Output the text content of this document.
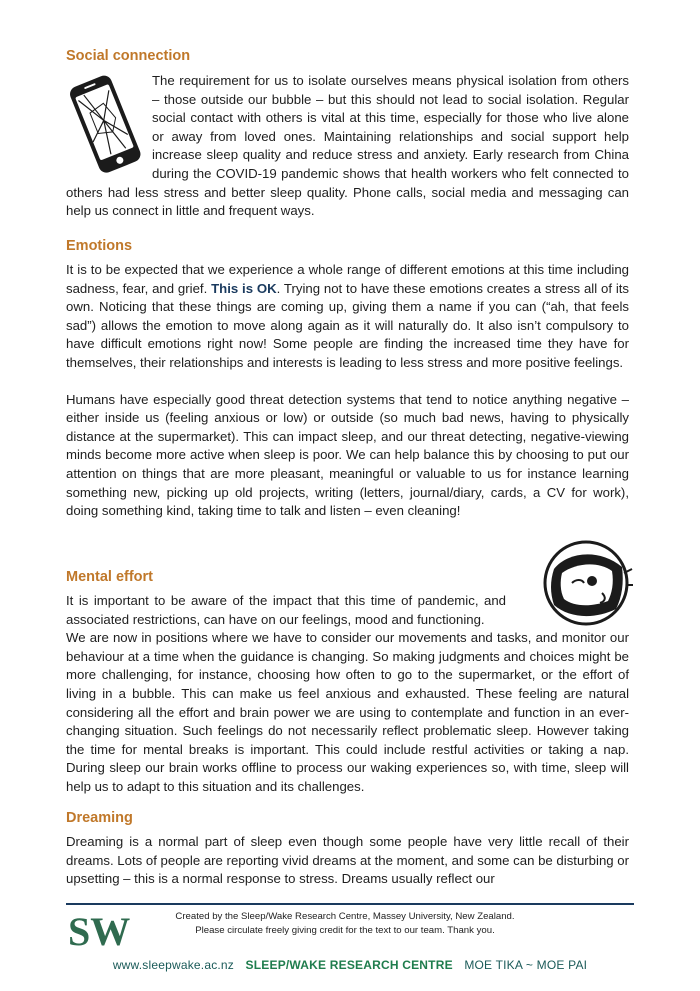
Social connection

The requirement for us to isolate ourselves means physical isolation from others – those outside our bubble – but this should not lead to social isolation. Regular social contact with others is vital at this time, especially for those who live alone or away from loved ones. Maintaining relationships and social support help increase sleep quality and reduce stress and anxiety. Early research from China during the COVID-19 pandemic shows that health workers who felt connected to others had less stress and better sleep quality. Phone calls, social media and messaging can help us connect in little and frequent ways.

Emotions

It is to be expected that we experience a whole range of different emotions at this time including sadness, fear, and grief. This is OK. Trying not to have these emotions creates a stress all of its own. Noticing that these things are coming up, giving them a name if you can (“ah, that feels sad”) allows the emotion to move along again as it will naturally do. It also isn’t compulsory to have difficult emotions right now! Some people are finding the increased time they have for themselves, their relationships and interests is leading to less stress and more positive feelings.

Humans have especially good threat detection systems that tend to notice anything negative – either inside us (feeling anxious or low) or outside (so much bad news, having to physically distance at the supermarket). This can impact sleep, and our threat detecting, negative-viewing minds become more active when sleep is poor. We can help balance this by choosing to put our attention on things that are more pleasant, meaningful or valuable to us for instance learning something new, picking up old projects, writing (letters, journal/diary, cards, a CV for work), doing something kind, taking time to talk and listen – even cleaning!

Mental effort

It is important to be aware of the impact that this time of pandemic, and associated restrictions, can have on our feelings, mood and functioning.

We are now in positions where we have to consider our movements and tasks, and monitor our behaviour at a time when the guidance is changing. So making judgments and choices might be more challenging, for instance, choosing how often to go to the supermarket, or the effort of living in a bubble. This can make us feel anxious and exhausted. These feeling are natural considering all the effort and brain power we are using to contemplate and function in an ever-changing situation. Such feelings do not necessarily reflect problematic sleep. However taking the time for mental breaks is important. This could include restful activities or taking a nap. During sleep our brain works offline to process our waking experiences so, with time, sleep will help us to adapt to this situation and its challenges.

Dreaming

Dreaming is a normal part of sleep even though some people have very little recall of their dreams. Lots of people are reporting vivid dreams at the moment, and some can be disturbing or upsetting – this is a normal response to stress. Dreams usually reflect our

SW	Created by the Sleep/Wake Research Centre, Massey University, New Zealand.
Please circulate freely giving credit for the text to our team. Thank you.
www.sleepwake.ac.nz SLEEP/WAKE RESEARCH CENTRE MOE TIKA ~ MOE PAI
